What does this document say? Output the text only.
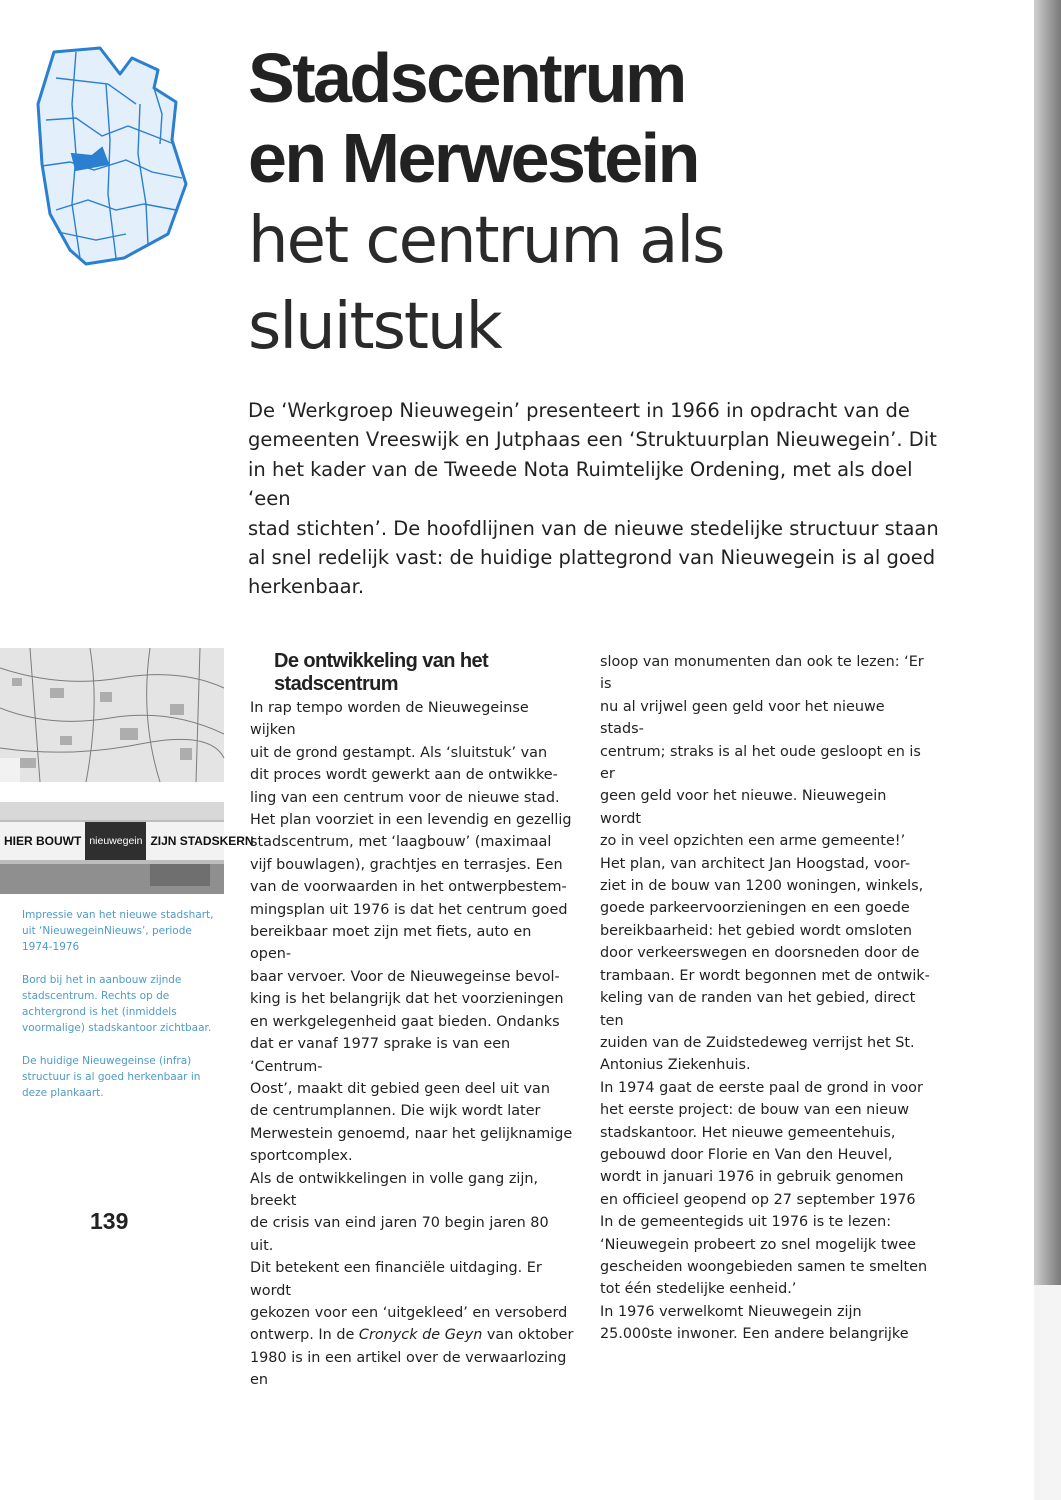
Stadscentrum
en Merwestein
het centrum als
sluitstuk

De ‘Werkgroep Nieuwegein’ presenteert in 1966 in opdracht van de
gemeenten Vreeswijk en Jutphaas een ‘Struktuurplan Nieuwegein’. Dit
in het kader van de Tweede Nota Ruimtelijke Ordening, met als doel ‘een
stad stichten’. De hoofdlijnen van de nieuwe stedelijke structuur staan
al snel redelijk vast: de huidige plattegrond van Nieuwegein is al goed
herkenbaar.

HIER BOUWT nieuwegein ZIJN STADSKERN

Impressie van het nieuwe stadshart,
uit ‘NieuwegeinNieuws’, periode
1974-1976

Bord bij het in aanbouw zijnde
stadscentrum. Rechts op de
achtergrond is het (inmiddels
voormalige) stadskantoor zichtbaar.

De huidige Nieuwegeinse (infra)
structuur is al goed herkenbaar in
deze plankaart.

139
De ontwikkeling van het
stadscentrum

In rap tempo worden de Nieuwegeinse wijken
uit de grond gestampt. Als ‘sluitstuk’ van
dit proces wordt gewerkt aan de ontwikke-
ling van een centrum voor de nieuwe stad.
Het plan voorziet in een levendig en gezellig
stadscentrum, met ‘laagbouw’ (maximaal
vijf bouwlagen), grachtjes en terrasjes. Een
van de voorwaarden in het ontwerpbestem-
mingsplan uit 1976 is dat het centrum goed
bereikbaar moet zijn met fiets, auto en open-
baar vervoer. Voor de Nieuwegeinse bevol-
king is het belangrijk dat het voorzieningen
en werkgelegenheid gaat bieden. Ondanks
dat er vanaf 1977 sprake is van een ‘Centrum-
Oost’, maakt dit gebied geen deel uit van
de centrumplannen. Die wijk wordt later
Merwestein genoemd, naar het gelijknamige
sportcomplex.
Als de ontwikkelingen in volle gang zijn, breekt
de crisis van eind jaren 70 begin jaren 80 uit.
Dit betekent een financiële uitdaging. Er wordt
gekozen voor een ‘uitgekleed’ en versoberd
ontwerp. In de Cronyck de Geyn van oktober
1980 is in een artikel over de verwaarlozing en

sloop van monumenten dan ook te lezen: ‘Er is
nu al vrijwel geen geld voor het nieuwe stads-
centrum; straks is al het oude gesloopt en is er
geen geld voor het nieuwe. Nieuwegein wordt
zo in veel opzichten een arme gemeente!’
Het plan, van architect Jan Hoogstad, voor-
ziet in de bouw van 1200 woningen, winkels,
goede parkeervoorzieningen en een goede
bereikbaarheid: het gebied wordt omsloten
door verkeerswegen en doorsneden door de
trambaan. Er wordt begonnen met de ontwik-
keling van de randen van het gebied, direct ten
zuiden van de Zuidstedeweg verrijst het St.
Antonius Ziekenhuis.
In 1974 gaat de eerste paal de grond in voor
het eerste project: de bouw van een nieuw
stadskantoor. Het nieuwe gemeentehuis,
gebouwd door Florie en Van den Heuvel,
wordt in januari 1976 in gebruik genomen
en officieel geopend op 27 september 1976
In de gemeentegids uit 1976 is te lezen:
‘Nieuwegein probeert zo snel mogelijk twee
gescheiden woongebieden samen te smelten
tot één stedelijke eenheid.’
In 1976 verwelkomt Nieuwegein zijn
25.000ste inwoner. Een andere belangrijke
